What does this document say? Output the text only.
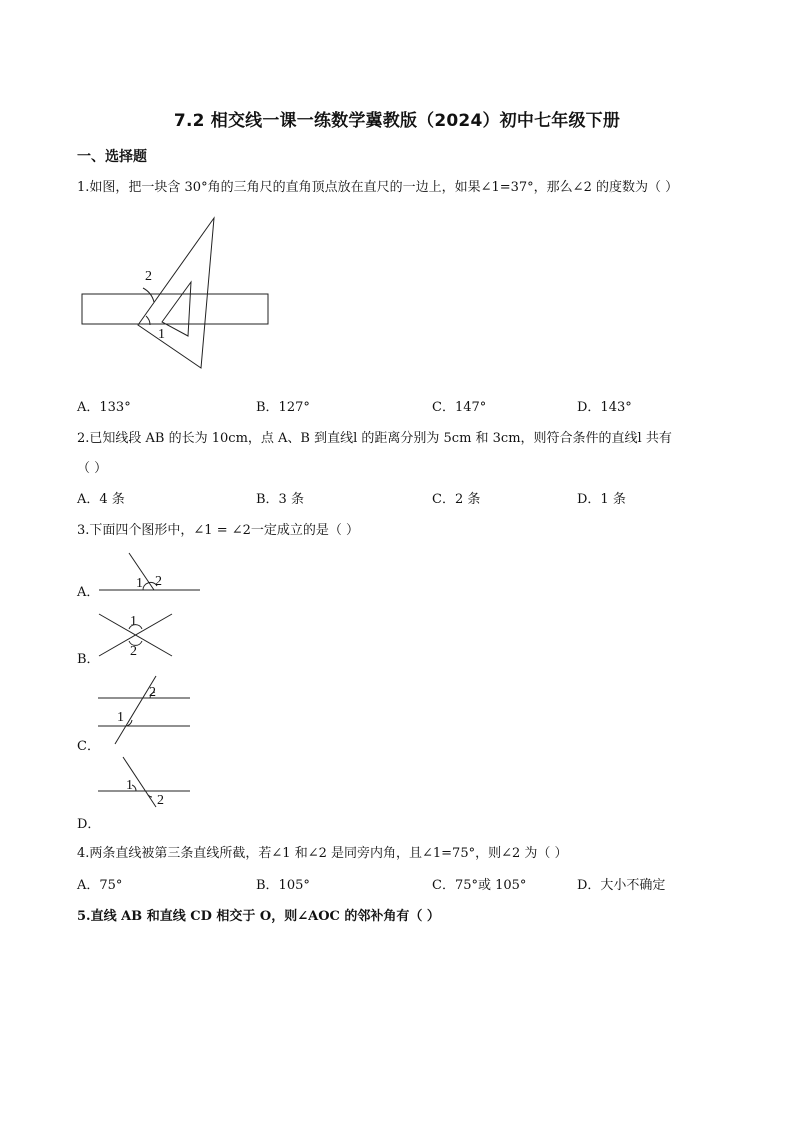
7.2 相交线一课一练数学冀教版（2024）初中七年级下册
一、选择题
1.如图，把一块含 30°角的三角尺的直角顶点放在直尺的一边上，如果∠1=37°，那么∠2 的度数为（ ）
2
1
A．133°	B．127°	C．147°	D．143°
2.已知线段 AB 的长为 10cm，点 A、B 到直线l 的距离分别为 5cm 和 3cm，则符合条件的直线l 共有
（ ）
A．4 条	B．3 条	C．2 条	D．1 条
3.下面四个图形中，∠1 = ∠2一定成立的是（ ）
A．
1 2
B．
1
2
C．
2
1
D．
1
2
4.两条直线被第三条直线所截，若∠1 和∠2 是同旁内角，且∠1=75°，则∠2 为（ ）
A．75°	B．105°	C．75°或 105°	D．大小不确定
5.直线 AB 和直线 CD 相交于 O，则∠AOC 的邻补角有（ ）
